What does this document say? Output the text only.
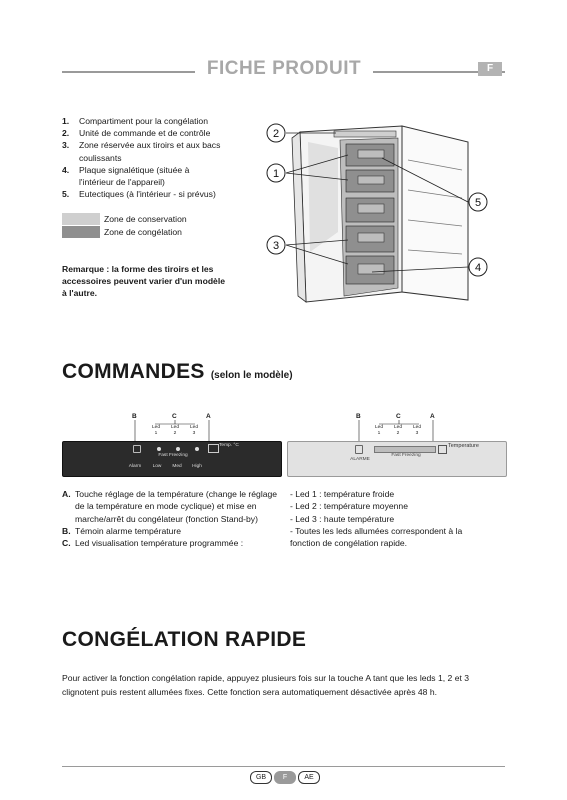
FICHE PRODUIT	F
1.	Compartiment pour la congélation
2.	Unité de commande et de contrôle
3.	Zone réservée aux tiroirs et aux bacs coulissants
4.	Plaque signalétique (située à l'intérieur de l'appareil)
5.	Eutectiques (à l'intérieur - si prévus)
Zone de conservation
Zone de congélation
Remarque : la forme des tiroirs et les accessoires peuvent varier d'un modèle à l'autre.
2
1
5
3
4
COMMANDES (selon le modèle)
B	C	A
Led
1
Led
2
Led
3
Temp. °C
Fast Freezing
Alarm	Low	Med	High
B	C	A
Led
1
Led
2
Led
3
Temperature
ALARME
Fast Freezing
A. Touche réglage de la température (change le réglage de la température en mode cyclique) et mise en marche/arrêt du congélateur (fonction Stand-by)
B. Témoin alarme température
C. Led visualisation température programmée :
- Led 1 : température froide
- Led 2 : température moyenne
- Led 3 : haute température
- Toutes les leds allumées correspondent à la fonction de congélation rapide.
CONGÉLATION RAPIDE
Pour activer la fonction congélation rapide, appuyez plusieurs fois sur la touche A tant que les leds 1, 2 et 3 clignotent puis restent allumées fixes. Cette fonction sera automatiquement désactivée après 48 h.
GB	F	AE
